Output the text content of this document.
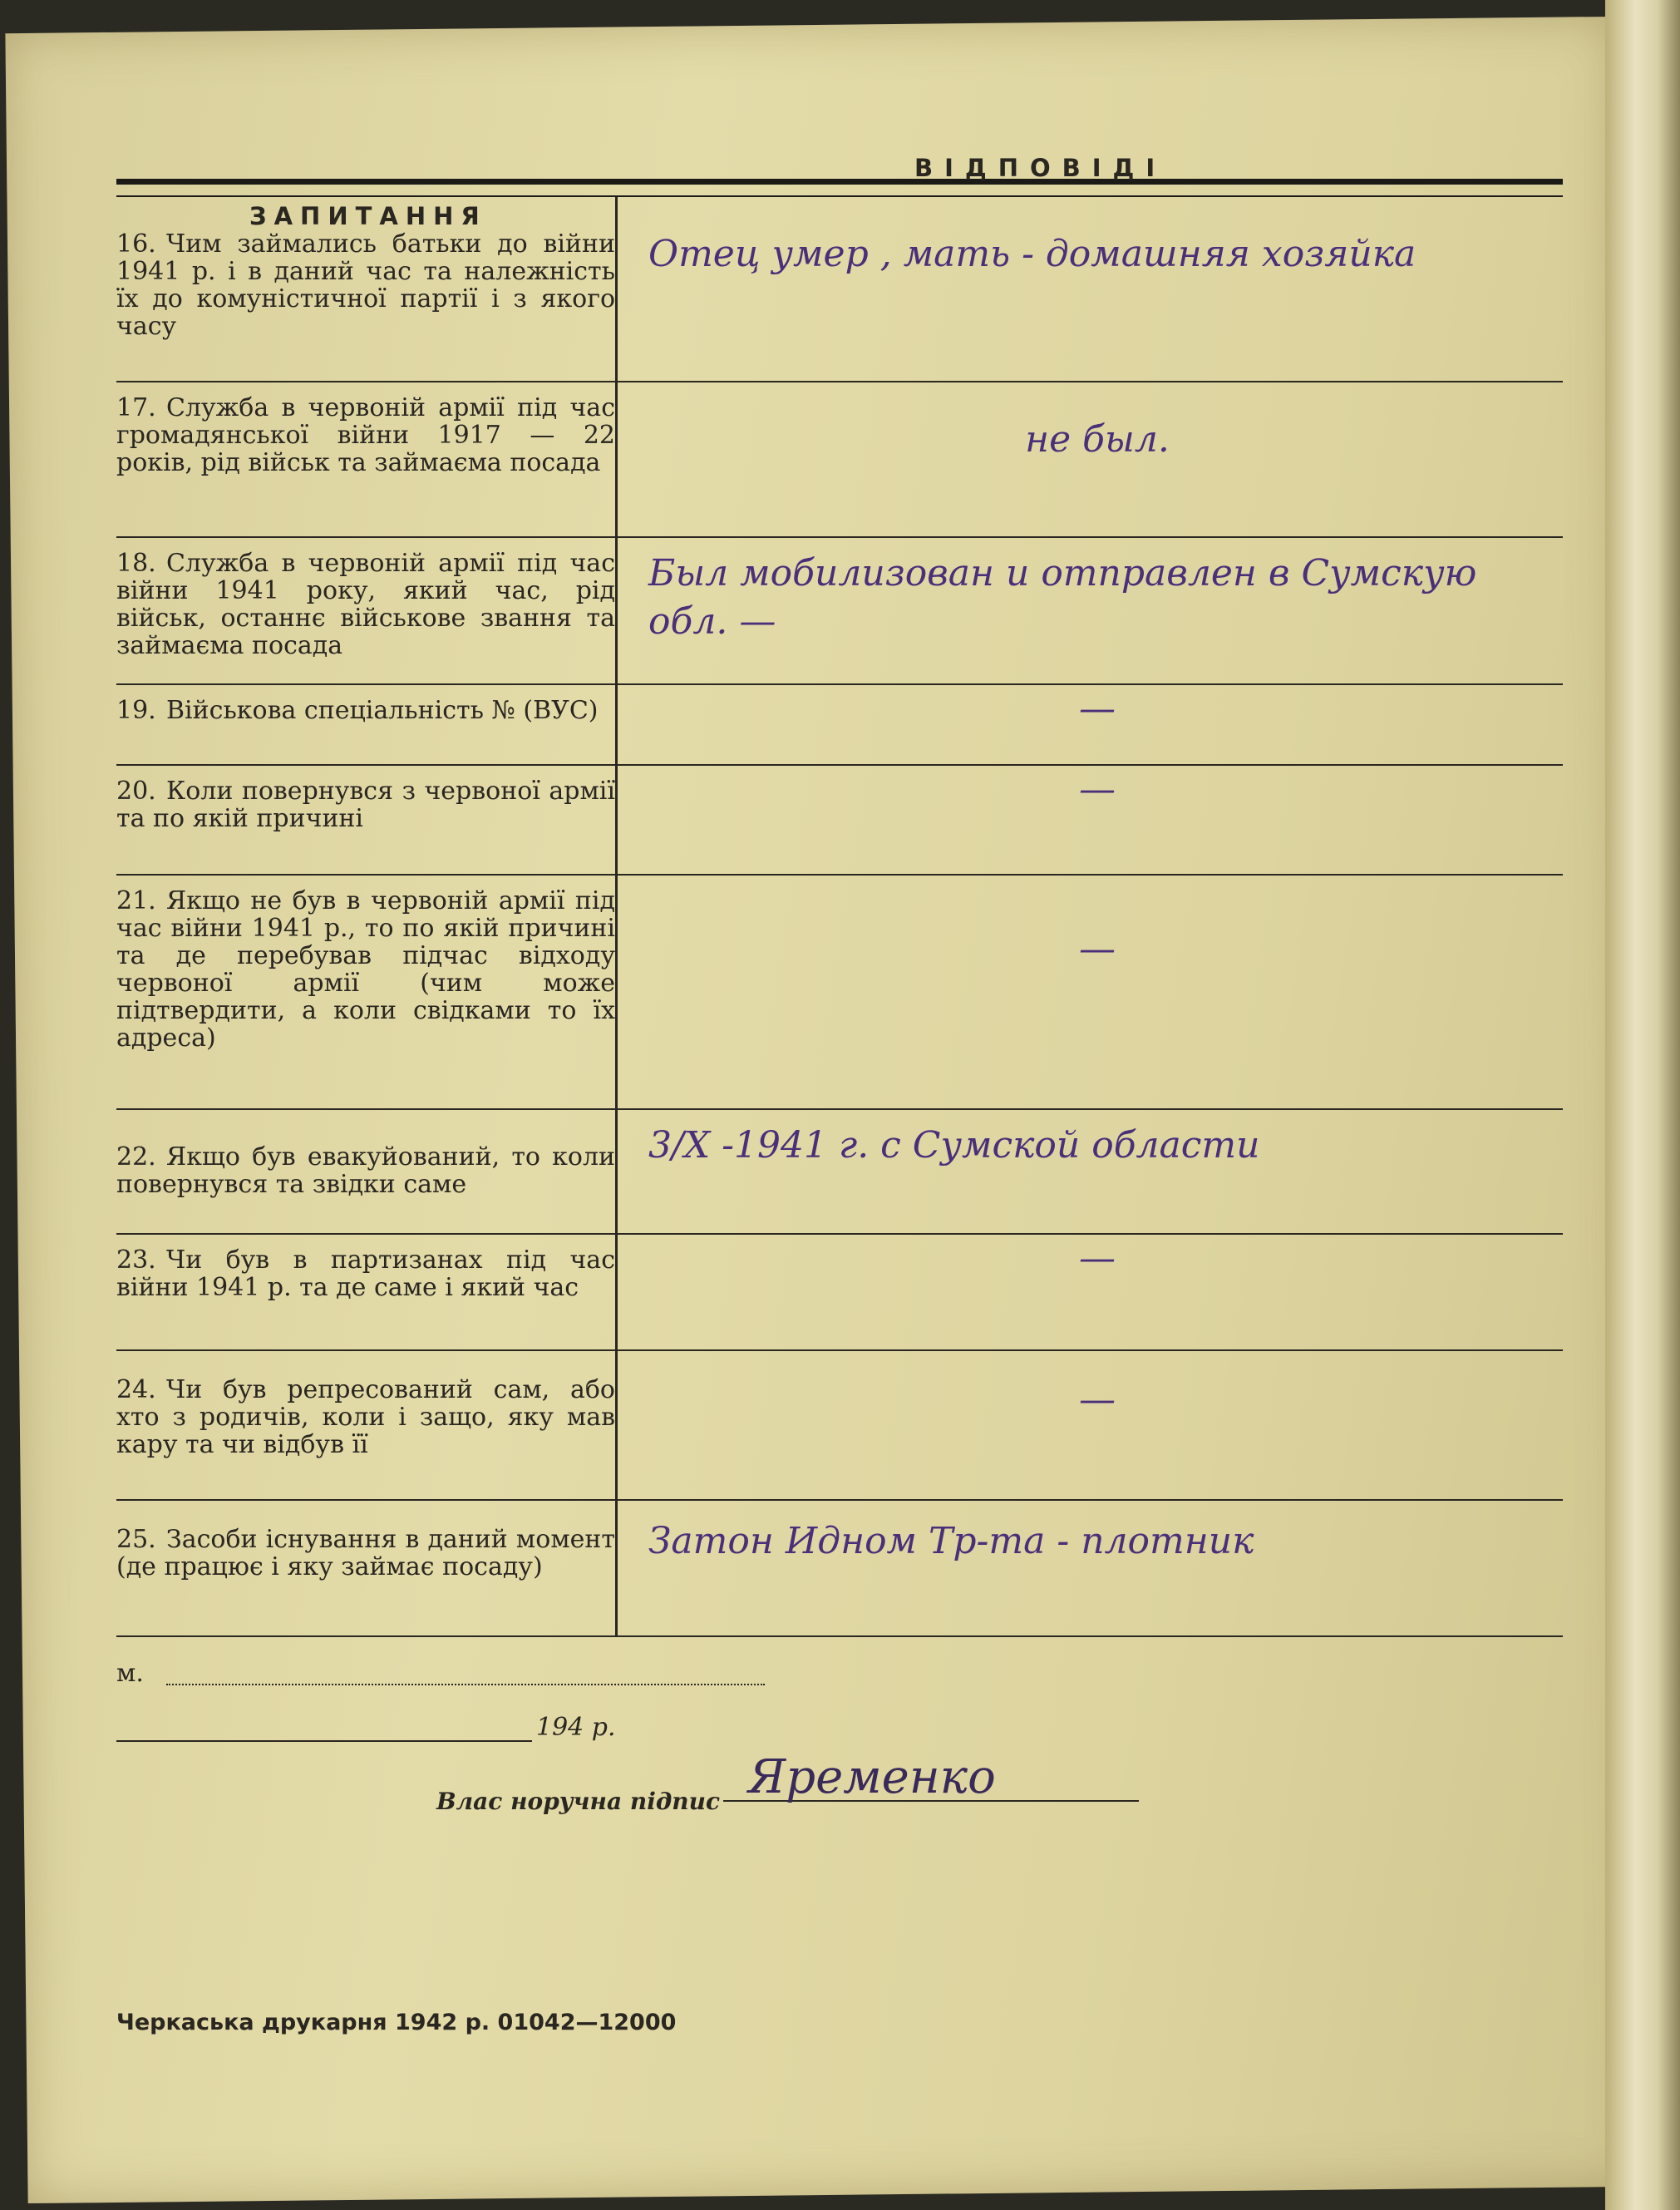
ЗАПИТАННЯ
ВІДПОВІДІ
16. Чим займались батьки до війни 1941 р. і в даний час та належність їх до комуністичної партії і з якого часу
Отец умер , мать - домашняя хозяйка
17. Служба в червоній армії під час громадянської війни 1917 — 22 років, рід військ та займаєма посада
не был.
18. Служба в червоній армії під час війни 1941 року, який час, рід військ, останнє військове звання та займаєма посада
Был мобилизован и отправлен в Сумскую обл. —
19. Військова спеціальність № (ВУС)	—
20. Коли повернувся з червоної армії та по якій причині
—
21. Якщо не був в червоній армії під час війни 1941 р., то по якій причині та де перебував підчас відходу червоної армії (чим може підтвердити, а коли свідками то їх адреса)
—
22. Якщо був евакуйований, то коли повернувся та звідки саме
3/Х -1941 г. с Сумской области
23. Чи був в партизанах під час війни 1941 р. та де саме і який час
—
24. Чи був репресований сам, або хто з родичів, коли і защо, яку мав кару та чи відбув її
—
25. Засоби існування в даний момент (де працює і яку займає посаду)
Затон Идном Тр-та - плотник
м.
194 р.
Влас норучна підпис Яременко
Черкаська друкарня 1942 р. 01042—12000
